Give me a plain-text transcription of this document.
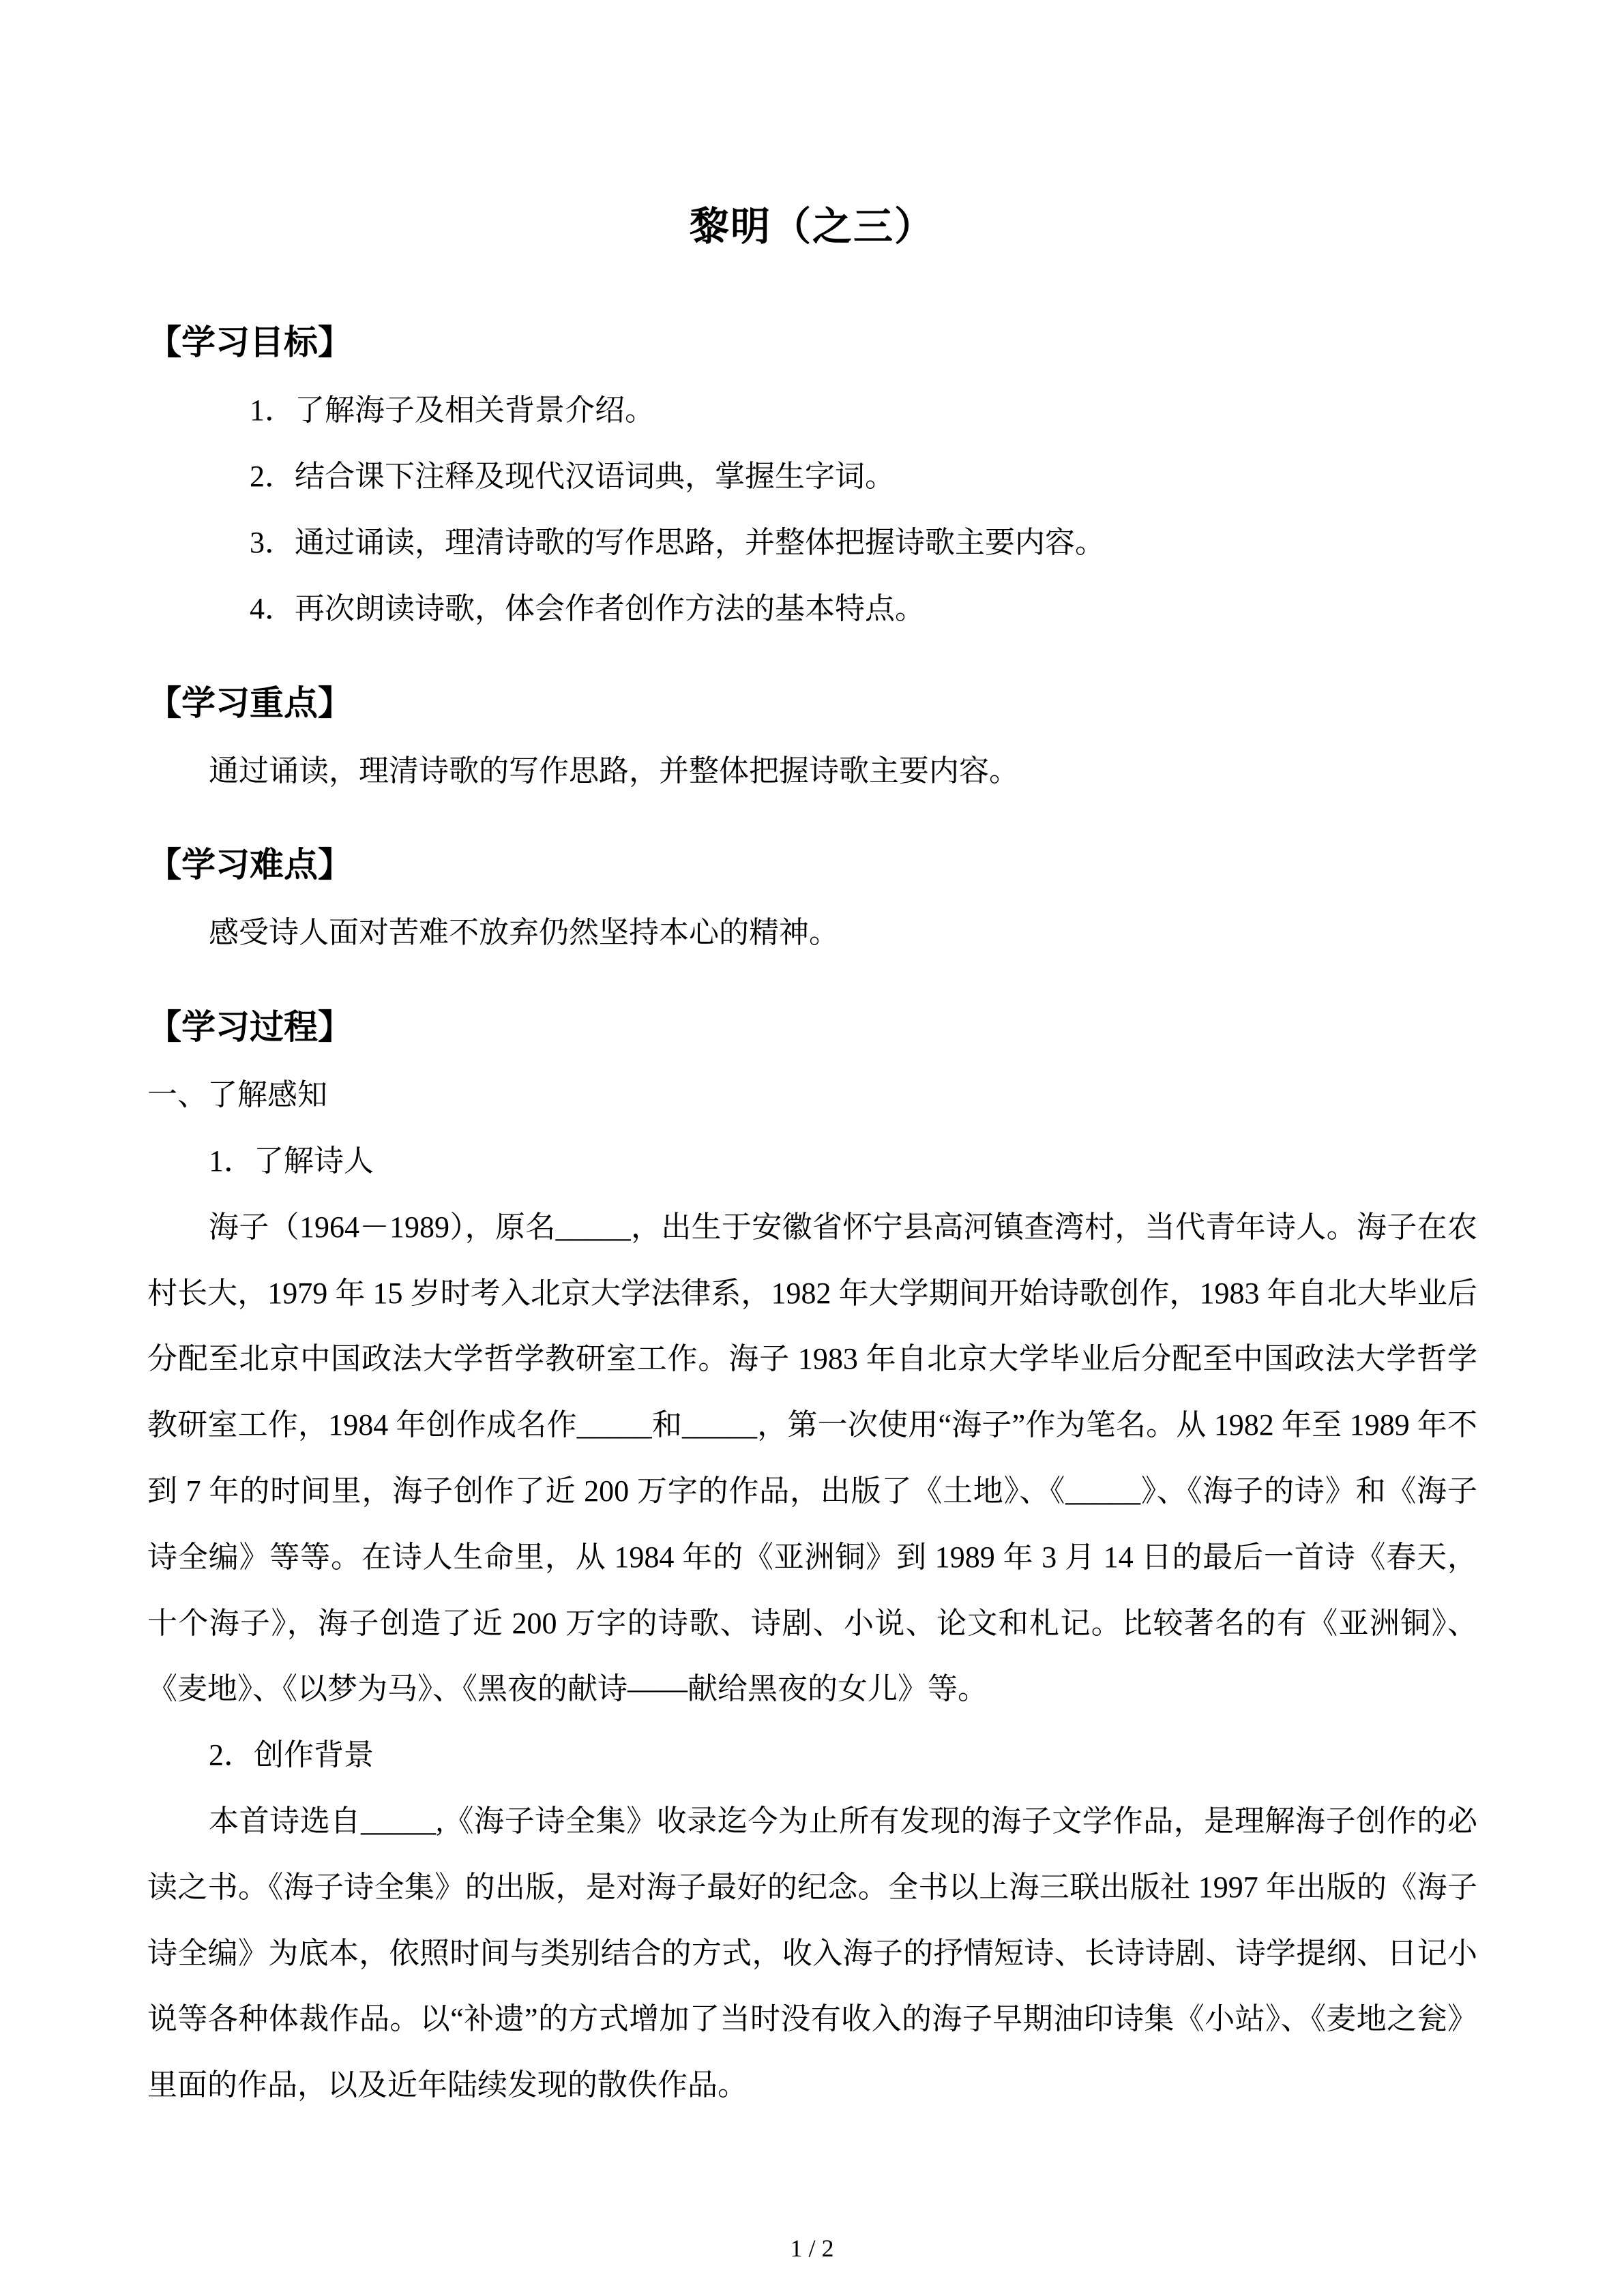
黎明（之三）
【学习目标】

1．了解海子及相关背景介绍。

2．结合课下注释及现代汉语词典，掌握生字词。

3．通过诵读，理清诗歌的写作思路，并整体把握诗歌主要内容。

4．再次朗读诗歌，体会作者创作方法的基本特点。

【学习重点】

通过诵读，理清诗歌的写作思路，并整体把握诗歌主要内容。

【学习难点】

感受诗人面对苦难不放弃仍然坚持本心的精神。

【学习过程】

一、了解感知

1．了解诗人

海子（1964－1989），原名_____，出生于安徽省怀宁县高河镇查湾村，当代青年诗人。海子在农村长大，1979 年 15 岁时考入北京大学法律系，1982 年大学期间开始诗歌创作，1983 年自北大毕业后分配至北京中国政法大学哲学教研室工作。海子 1983 年自北京大学毕业后分配至中国政法大学哲学教研室工作，1984 年创作成名作_____和_____，第一次使用“海子”作为笔名。从 1982 年至 1989 年不到 7 年的时间里，海子创作了近 200 万字的作品，出版了《土地》、《_____》、《海子的诗》和《海子诗全编》等等。在诗人生命里，从 1984 年的《亚洲铜》到 1989 年 3 月 14 日的最后一首诗《春天，十个海子》，海子创造了近 200 万字的诗歌、诗剧、小说、论文和札记。比较著名的有《亚洲铜》、《麦地》、《以梦为马》、《黑夜的献诗——献给黑夜的女儿》等。

2．创作背景

本首诗选自_____,《海子诗全集》收录迄今为止所有发现的海子文学作品，是理解海子创作的必读之书。《海子诗全集》的出版，是对海子最好的纪念。全书以上海三联出版社 1997 年出版的《海子诗全编》为底本，依照时间与类别结合的方式，收入海子的抒情短诗、长诗诗剧、诗学提纲、日记小说等各种体裁作品。以“补遗”的方式增加了当时没有收入的海子早期油印诗集《小站》、《麦地之瓮》里面的作品，以及近年陆续发现的散佚作品。

1 / 2
